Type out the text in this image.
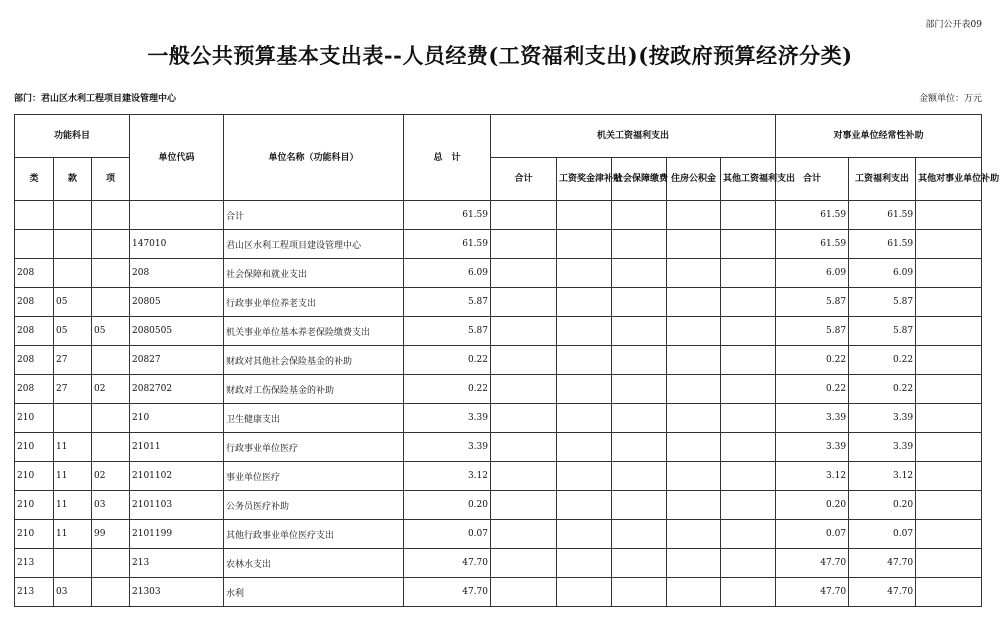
部门公开表09
一般公共预算基本支出表--人员经费(工资福利支出)(按政府预算经济分类)
部门：君山区水利工程项目建设管理中心	金额单位：万元
功能科目			单位代码	单位名称（功能科目）	总　计	机关工资福利支出					对事业单位经常性补助		
类	款	项				合计	工资奖金津补贴	社会保障缴费	住房公积金	其他工资福利支出	合计	工资福利支出	其他对事业单位补助
				合计	61.59						61.59	61.59	
			147010	君山区水利工程项目建设管理中心	61.59						61.59	61.59	
208			208	社会保障和就业支出	6.09						6.09	6.09	
208	05		20805	行政事业单位养老支出	5.87						5.87	5.87	
208	05	05	2080505	机关事业单位基本养老保险缴费支出	5.87						5.87	5.87	
208	27		20827	财政对其他社会保险基金的补助	0.22						0.22	0.22	
208	27	02	2082702	财政对工伤保险基金的补助	0.22						0.22	0.22	
210			210	卫生健康支出	3.39						3.39	3.39	
210	11		21011	行政事业单位医疗	3.39						3.39	3.39	
210	11	02	2101102	事业单位医疗	3.12						3.12	3.12	
210	11	03	2101103	公务员医疗补助	0.20						0.20	0.20	
210	11	99	2101199	其他行政事业单位医疗支出	0.07						0.07	0.07	
213			213	农林水支出	47.70						47.70	47.70	
213	03		21303	水利	47.70						47.70	47.70	
